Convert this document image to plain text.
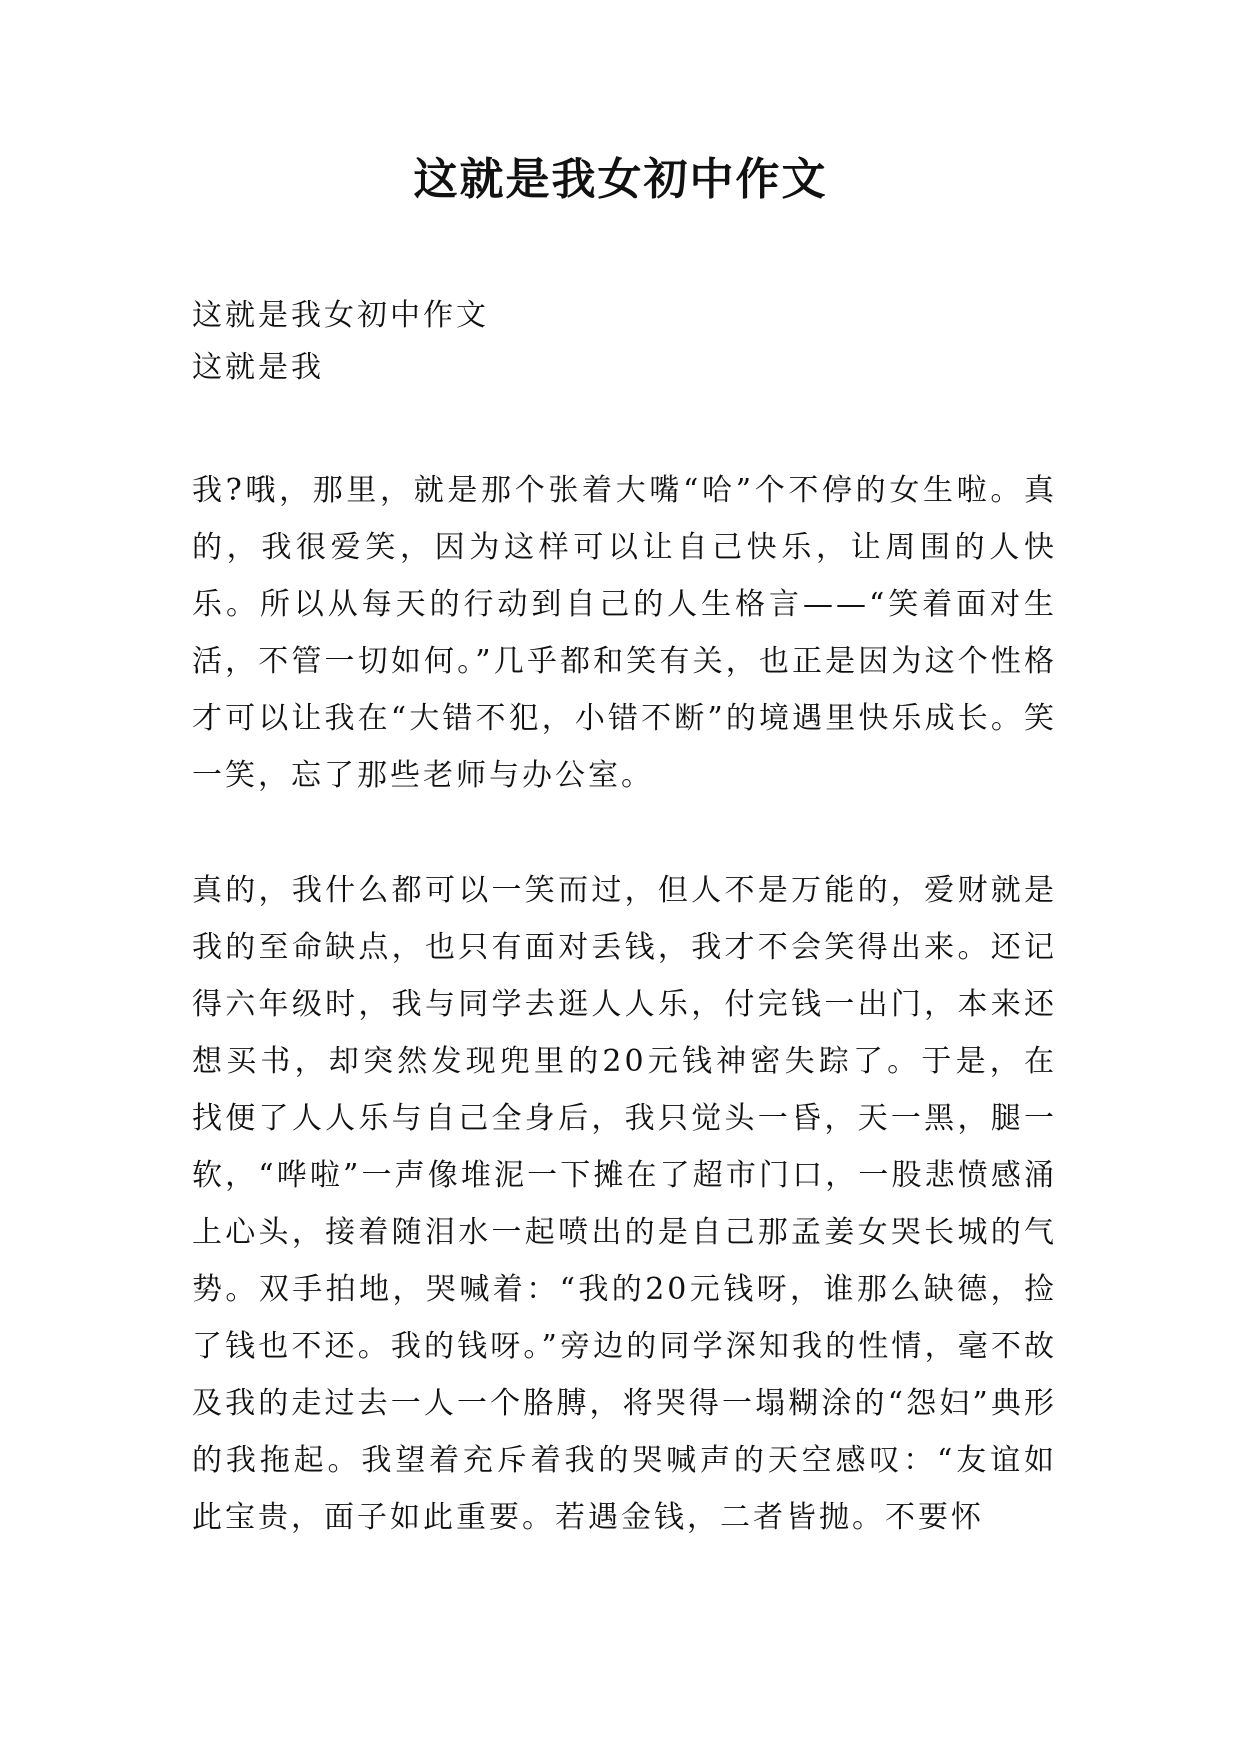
这就是我女初中作文
这就是我女初中作文
这就是我

我?哦，那里，就是那个张着大嘴“哈”个不停的女生啦。真的，我很爱笑，因为这样可以让自己快乐，让周围的人快乐。所以从每天的行动到自己的人生格言——“笑着面对生活，不管一切如何。”几乎都和笑有关，也正是因为这个性格才可以让我在“大错不犯，小错不断”的境遇里快乐成长。笑一笑，忘了那些老师与办公室。

真的，我什么都可以一笑而过，但人不是万能的，爱财就是我的至命缺点，也只有面对丢钱，我才不会笑得出来。还记得六年级时，我与同学去逛人人乐，付完钱一出门，本来还想买书，却突然发现兜里的20元钱神密失踪了。于是，在找便了人人乐与自己全身后，我只觉头一昏，天一黑，腿一软，“哗啦”一声像堆泥一下摊在了超市门口，一股悲愤感涌上心头，接着随泪水一起喷出的是自己那孟姜女哭长城的气势。双手拍地，哭喊着：“我的20元钱呀，谁那么缺德，捡了钱也不还。我的钱呀。”旁边的同学深知我的性情，毫不故及我的走过去一人一个胳膊，将哭得一塌糊涂的“怨妇”典形的我拖起。我望着充斥着我的哭喊声的天空感叹：“友谊如此宝贵，面子如此重要。若遇金钱，二者皆抛。不要怀
